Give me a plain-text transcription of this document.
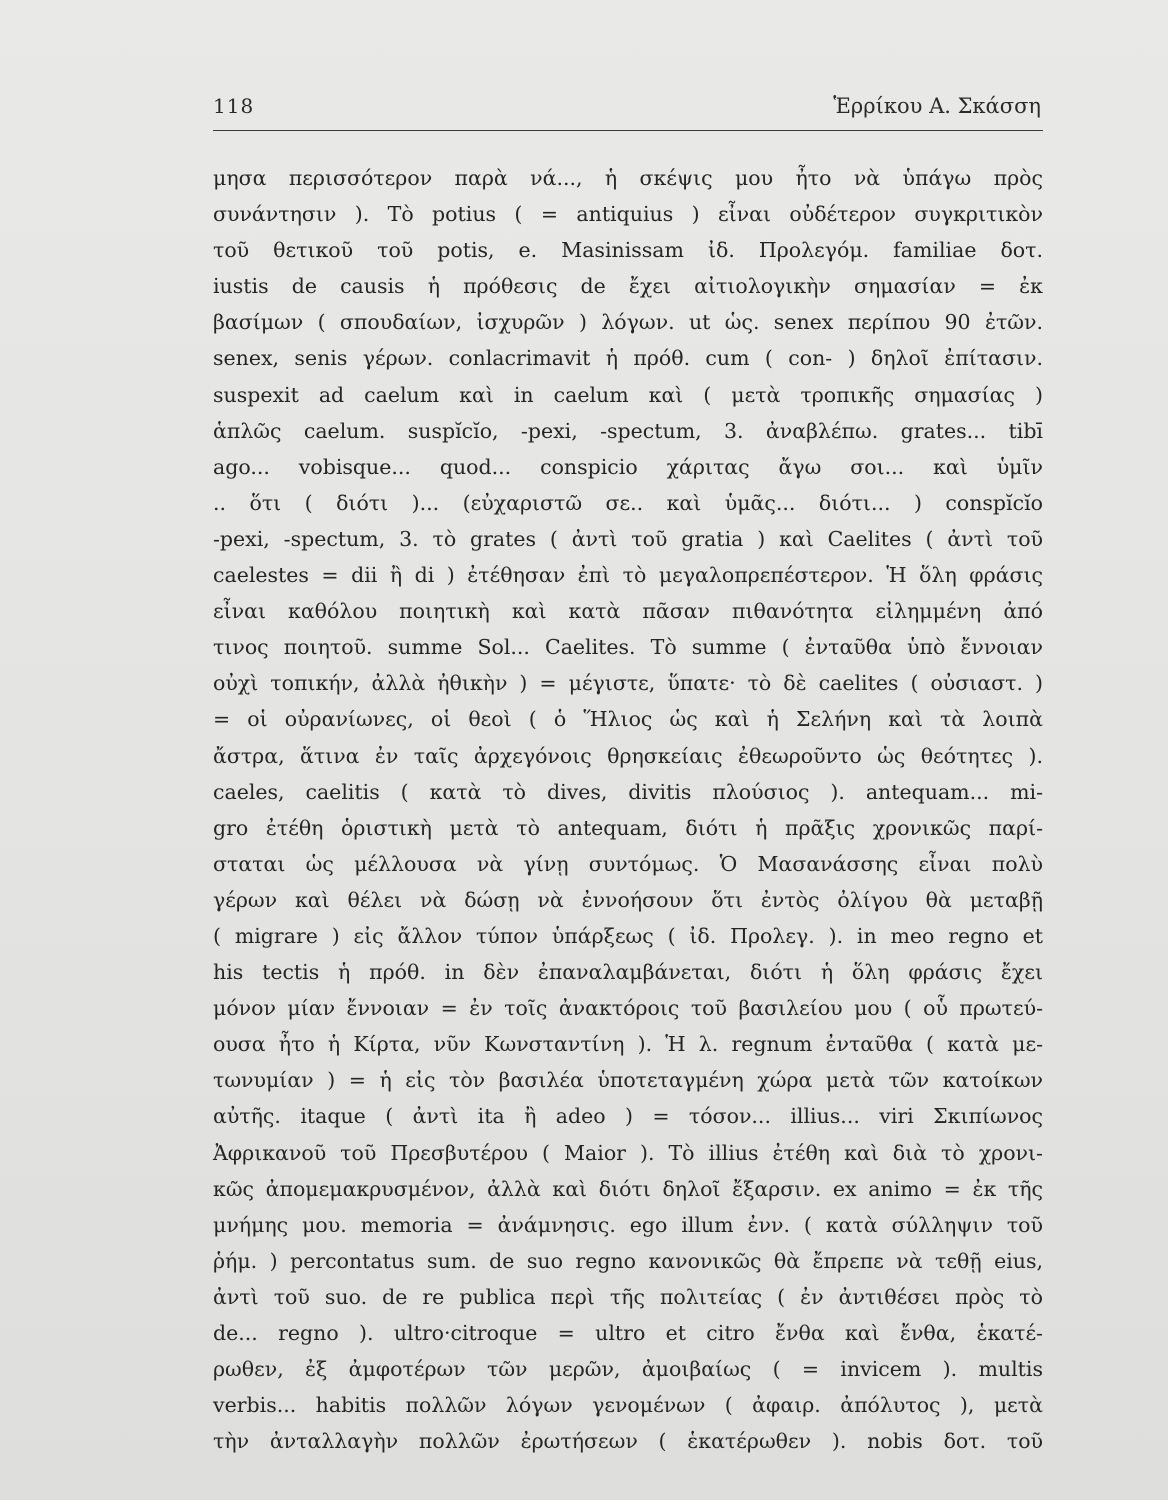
118	Ἑρρίκου Α. Σκάσση
μησα περισσότερον παρὰ νά..., ἡ σκέψις μου ἦτο νὰ ὑπάγω πρὸς
συνάντησιν ). Τὸ potius ( = antiquius ) εἶναι οὐδέτερον συγκριτικὸν
τοῦ θετικοῦ τοῦ potis, e. Masinissam ἰδ. Προλεγόμ. familiae δοτ.
iustis de causis ἡ πρόθεσις de ἔχει αἰτιολογικὴν σημασίαν = ἐκ
βασίμων ( σπουδαίων, ἰσχυρῶν ) λόγων. ut ὡς. senex περίπου 90 ἐτῶν.
senex, senis γέρων. conlacrimavit ἡ πρόθ. cum ( con- ) δηλοῖ ἐπίτασιν.
suspexit ad caelum καὶ in caelum καὶ ( μετὰ τροπικῆς σημασίας )
ἁπλῶς caelum. suspĭcĭo, -pexi, -spectum, 3. ἀναβλέπω. grates... tibī
ago... vobisque... quod... conspicio χάριτας ἄγω σοι... καὶ ὑμῖν
.. ὅτι ( διότι )... (εὐχαριστῶ σε.. καὶ ὑμᾶς... διότι... ) conspĭcĭo
-pexi, -spectum, 3. τὸ grates ( ἀντὶ τοῦ gratia ) καὶ Caelites ( ἀντὶ τοῦ
caelestes = dii ἢ di ) ἐτέθησαν ἐπὶ τὸ μεγαλοπρεπέστερον. Ἡ ὅλη φράσις
εἶναι καθόλου ποιητικὴ καὶ κατὰ πᾶσαν πιθανότητα εἰλημμένη ἀπό
τινος ποιητοῦ. summe Sol... Caelites. Τὸ summe ( ἐνταῦθα ὑπὸ ἔννοιαν
οὐχὶ τοπικήν, ἀλλὰ ἠθικὴν ) = μέγιστε, ὕπατε· τὸ δὲ caelites ( οὐσιαστ. )
= οἱ οὐρανίωνες, οἱ θεοὶ ( ὁ Ἥλιος ὡς καὶ ἡ Σελήνη καὶ τὰ λοιπὰ
ἄστρα, ἅτινα ἐν ταῖς ἀρχεγόνοις θρησκείαις ἐθεωροῦντο ὡς θεότητες ).
caeles, caelitis ( κατὰ τὸ dives, divitis πλούσιος ). antequam... mi-
gro ἐτέθη ὁριστικὴ μετὰ τὸ antequam, διότι ἡ πρᾶξις χρονικῶς παρί-
σταται ὡς μέλλουσα νὰ γίνῃ συντόμως. Ὁ Μασανάσσης εἶναι πολὺ
γέρων καὶ θέλει νὰ δώσῃ νὰ ἐννοήσουν ὅτι ἐντὸς ὀλίγου θὰ μεταβῇ
( migrare ) εἰς ἄλλον τύπον ὑπάρξεως ( ἰδ. Προλεγ. ). in meo regno et
his tectis ἡ πρόθ. in δὲν ἐπαναλαμβάνεται, διότι ἡ ὅλη φράσις ἔχει
μόνον μίαν ἔννοιαν = ἐν τοῖς ἀνακτόροις τοῦ βασιλείου μου ( οὗ πρωτεύ-
ουσα ἦτο ἡ Κίρτα, νῦν Κωνσταντίνη ). Ἡ λ. regnum ἐνταῦθα ( κατὰ με-
τωνυμίαν ) = ἡ εἰς τὸν βασιλέα ὑποτεταγμένη χώρα μετὰ τῶν κατοίκων
αὐτῆς. itaque ( ἀντὶ ita ἢ adeo ) = τόσον... illius... viri Σκιπίωνος
Ἀφρικανοῦ τοῦ Πρεσβυτέρου ( Maior ). Τὸ illius ἐτέθη καὶ διὰ τὸ χρονι-
κῶς ἀπομεμακρυσμένον, ἀλλὰ καὶ διότι δηλοῖ ἔξαρσιν. ex animo = ἐκ τῆς
μνήμης μου. memoria = ἀνάμνησις. ego illum ἐνν. ( κατὰ σύλληψιν τοῦ
ῥήμ. ) percontatus sum. de suo regno κανονικῶς θὰ ἔπρεπε νὰ τεθῇ eius,
ἀντὶ τοῦ suo. de re publica περὶ τῆς πολιτείας ( ἐν ἀντιθέσει πρὸς τὸ
de... regno ). ultro·citroque = ultro et citro ἔνθα καὶ ἔνθα, ἑκατέ-
ρωθεν, ἐξ ἀμφοτέρων τῶν μερῶν, ἀμοιβαίως ( = invicem ). multis
verbis... habitis πολλῶν λόγων γενομένων ( ἀφαιρ. ἀπόλυτος ), μετὰ
τὴν ἀνταλλαγὴν πολλῶν ἐρωτήσεων ( ἑκατέρωθεν ). nobis δοτ. τοῦ
